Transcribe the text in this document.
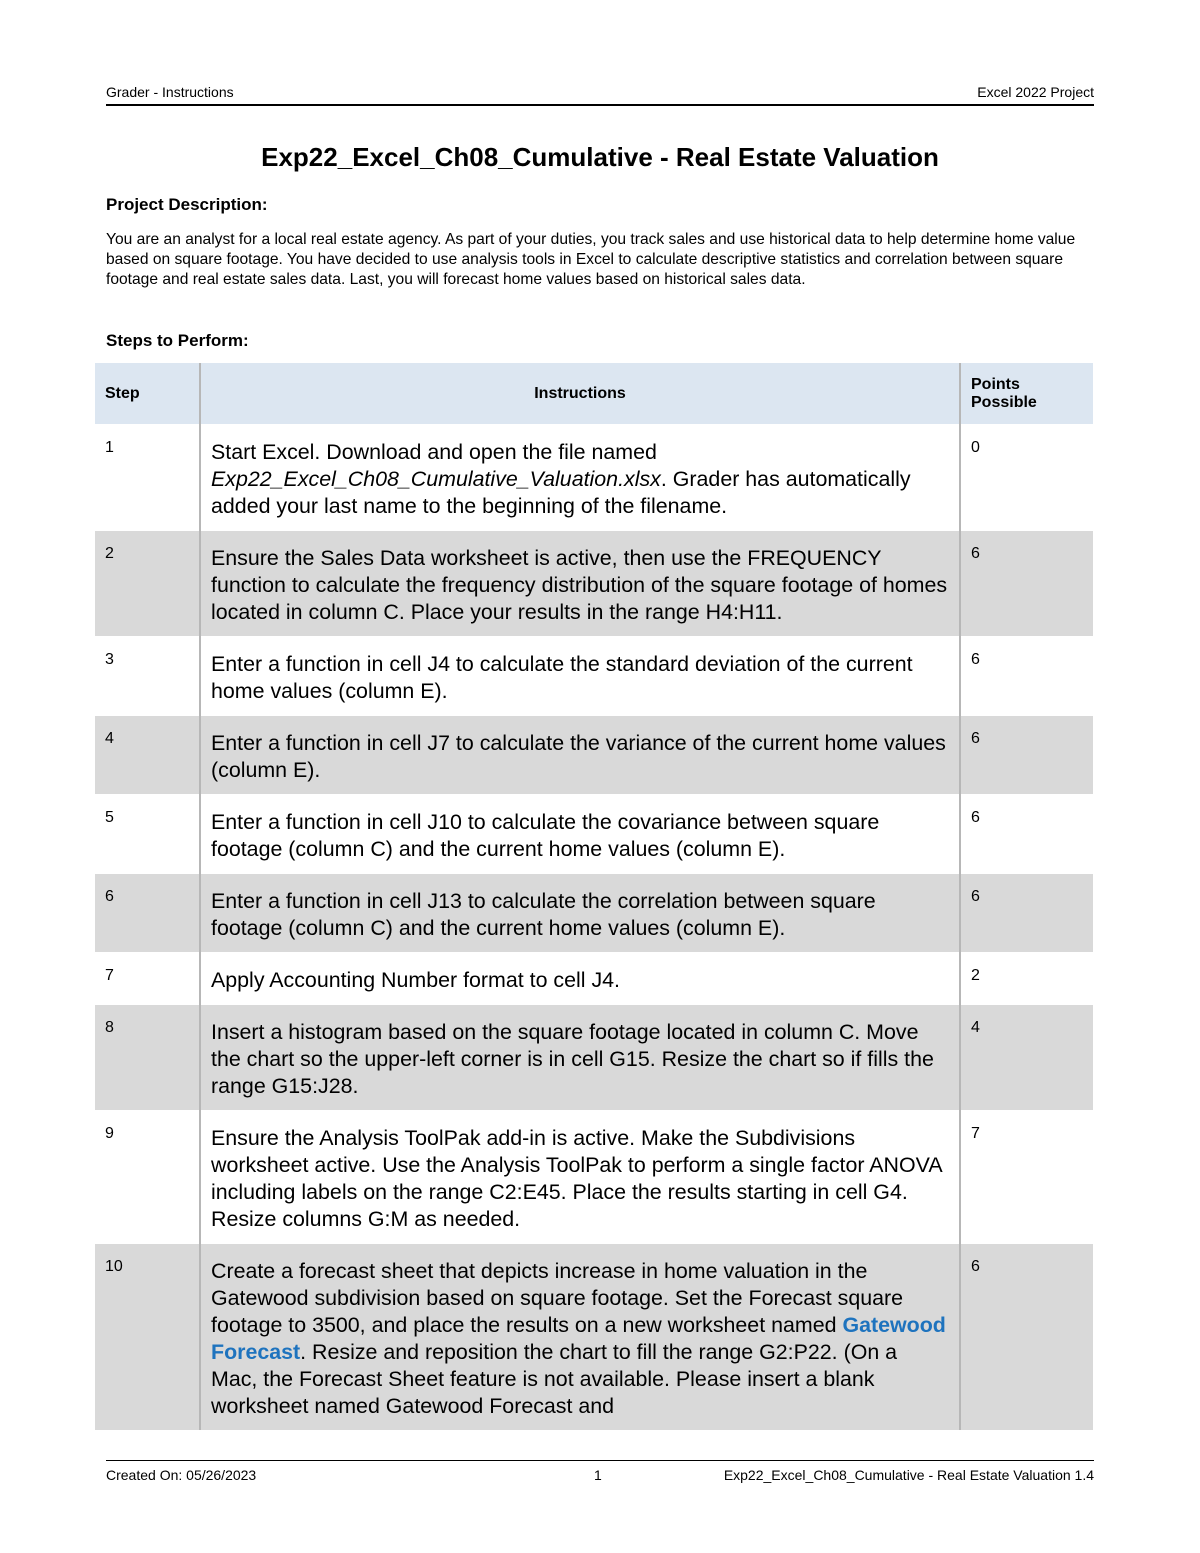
Grader - Instructions	Excel 2022 Project
Exp22_Excel_Ch08_Cumulative - Real Estate Valuation
Project Description:
You are an analyst for a local real estate agency. As part of your duties, you track sales and use historical data to help determine home value based on square footage. You have decided to use analysis tools in Excel to calculate descriptive statistics and correlation between square footage and real estate sales data. Last, you will forecast home values based on historical sales data.
Steps to Perform:
Step	Instructions	Points Possible
1	Start Excel. Download and open the file named Exp22_Excel_Ch08_Cumulative_Valuation.xlsx. Grader has automatically added your last name to the beginning of the filename.	0
2	Ensure the Sales Data worksheet is active, then use the FREQUENCY function to calculate the frequency distribution of the square footage of homes located in column C. Place your results in the range H4:H11.	6
3	Enter a function in cell J4 to calculate the standard deviation of the current home values (column E).	6
4	Enter a function in cell J7 to calculate the variance of the current home values (column E).	6
5	Enter a function in cell J10 to calculate the covariance between square footage (column C) and the current home values (column E).	6
6	Enter a function in cell J13 to calculate the correlation between square footage (column C) and the current home values (column E).	6
7	Apply Accounting Number format to cell J4.	2
8	Insert a histogram based on the square footage located in column C. Move the chart so the upper-left corner is in cell G15. Resize the chart so if fills the range G15:J28.	4
9	Ensure the Analysis ToolPak add-in is active. Make the Subdivisions worksheet active. Use the Analysis ToolPak to perform a single factor ANOVA including labels on the range C2:E45. Place the results starting in cell G4. Resize columns G:M as needed.	7
10	Create a forecast sheet that depicts increase in home valuation in the Gatewood subdivision based on square footage. Set the Forecast square footage to 3500, and place the results on a new worksheet named Gatewood Forecast. Resize and reposition the chart to fill the range G2:P22. (On a Mac, the Forecast Sheet feature is not available. Please insert a blank worksheet named Gatewood Forecast and	6
Created On: 05/26/2023	1	Exp22_Excel_Ch08_Cumulative - Real Estate Valuation 1.4
